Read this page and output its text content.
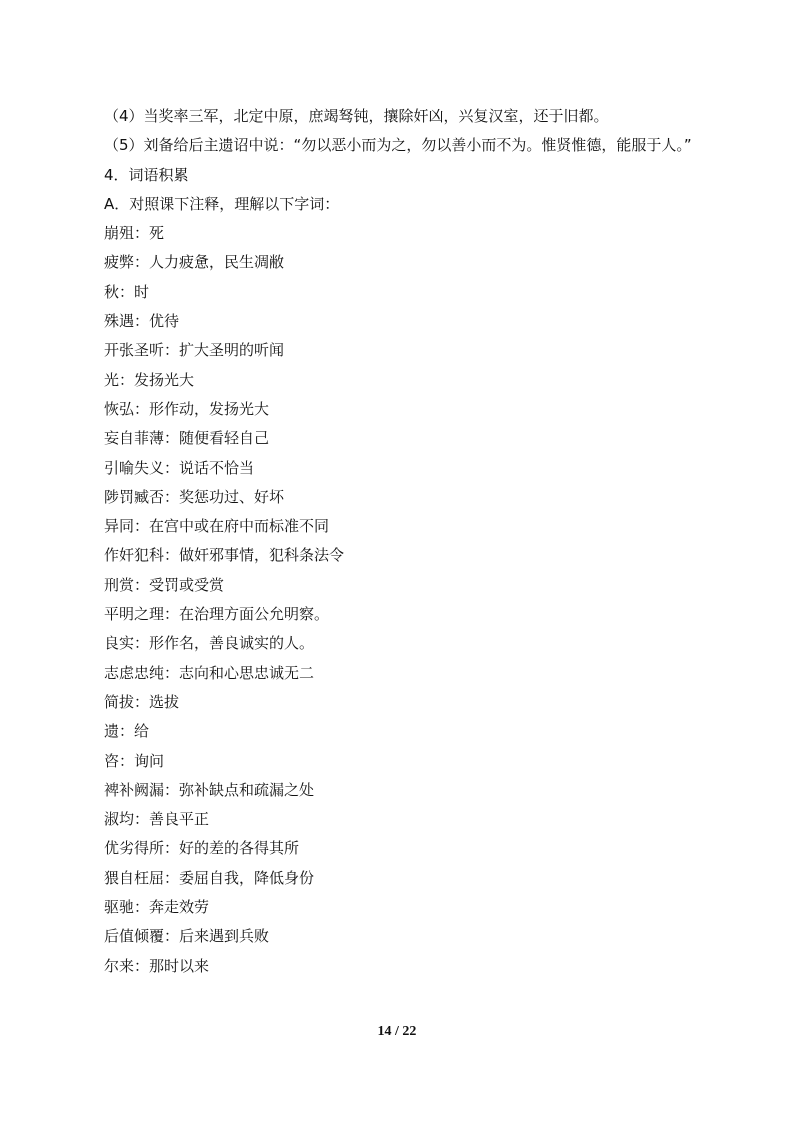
（4）当奖率三军，北定中原，庶竭驽钝，攘除奸凶，兴复汉室，还于旧都。
（5）刘备给后主遗诏中说：“勿以恶小而为之，勿以善小而不为。惟贤惟德，能服于人。”
4．词语积累
A．对照课下注释，理解以下字词：
崩殂：死
疲弊：人力疲惫，民生凋敝
秋：时
殊遇：优待
开张圣听：扩大圣明的听闻
光：发扬光大
恢弘：形作动，发扬光大
妄自菲薄：随便看轻自己
引喻失义：说话不恰当
陟罚臧否：奖惩功过、好坏
异同：在宫中或在府中而标准不同
作奸犯科：做奸邪事情，犯科条法令
刑赏：受罚或受赏
平明之理：在治理方面公允明察。
良实：形作名，善良诚实的人。
志虑忠纯：志向和心思忠诚无二
简拔：选拔
遗：给
咨：询问
裨补阙漏：弥补缺点和疏漏之处
淑均：善良平正
优劣得所：好的差的各得其所
猥自枉屈：委屈自我，降低身份
驱驰：奔走效劳
后值倾覆：后来遇到兵败
尔来：那时以来
14 / 22
